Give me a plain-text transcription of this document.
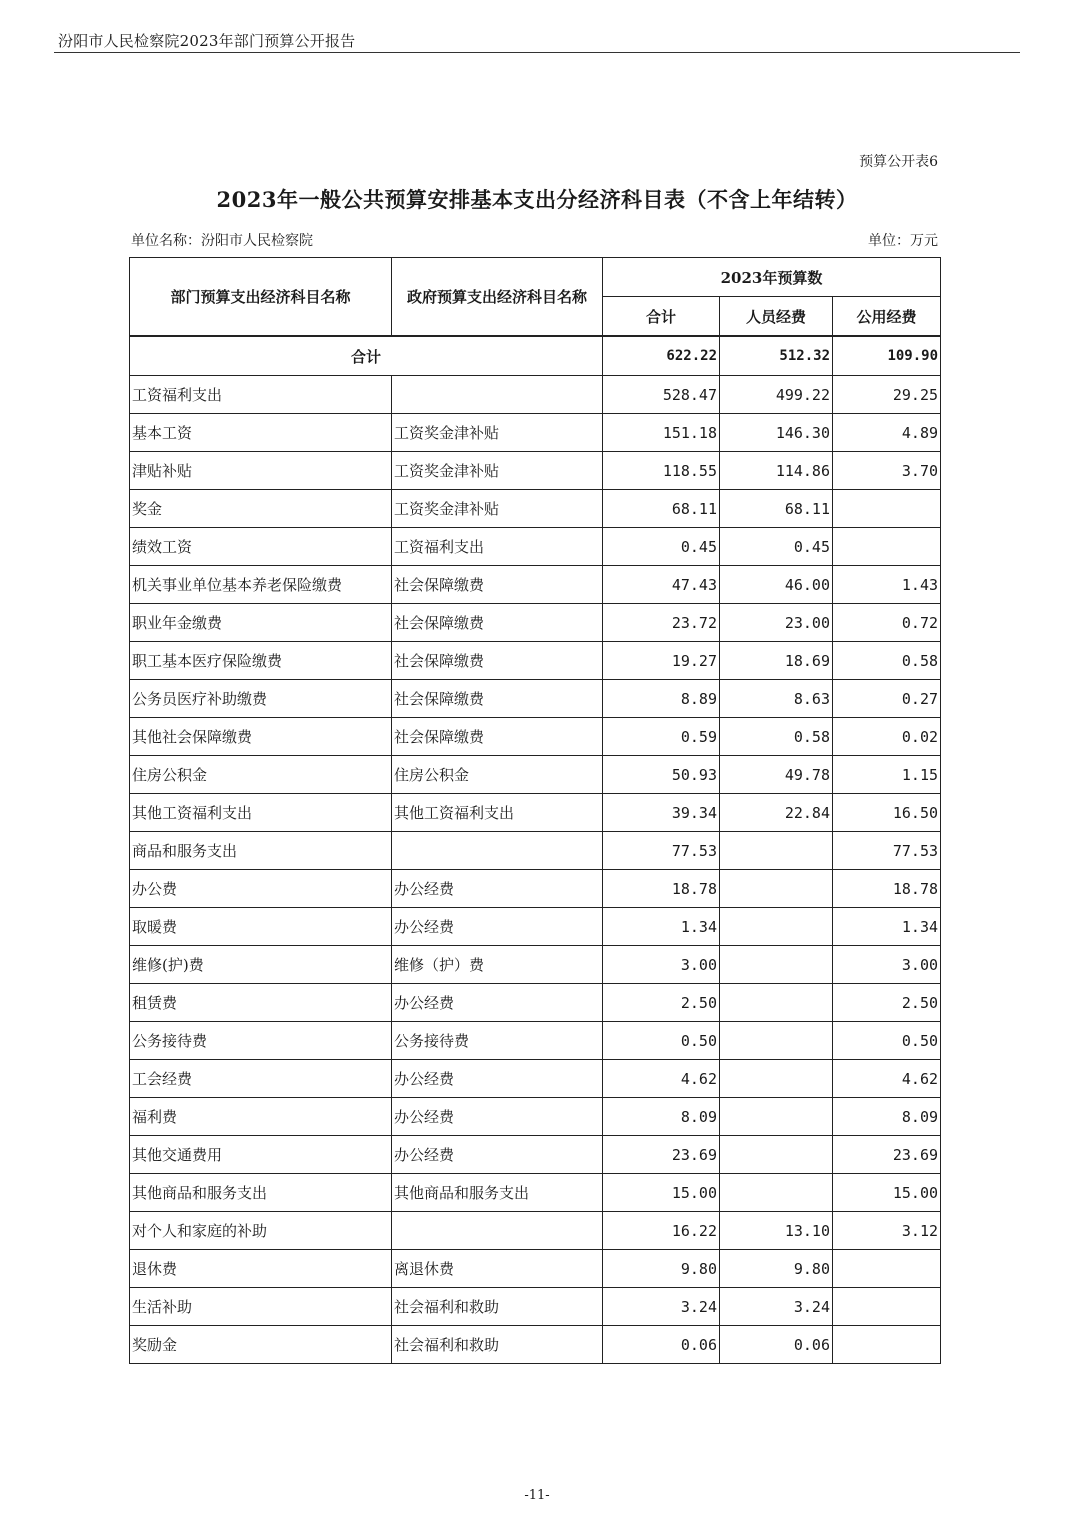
汾阳市人民检察院2023年部门预算公开报告
预算公开表6
2023年一般公共预算安排基本支出分经济科目表（不含上年结转）
单位名称：汾阳市人民检察院	单位：万元
部门预算支出经济科目名称	政府预算支出经济科目名称	2023年预算数		
		合计	人员经费	公用经费
合计		622.22	512.32	109.90
工资福利支出		528.47	499.22	29.25
基本工资	工资奖金津补贴	151.18	146.30	4.89
津贴补贴	工资奖金津补贴	118.55	114.86	3.70
奖金	工资奖金津补贴	68.11	68.11	
绩效工资	工资福利支出	0.45	0.45	
机关事业单位基本养老保险缴费	社会保障缴费	47.43	46.00	1.43
职业年金缴费	社会保障缴费	23.72	23.00	0.72
职工基本医疗保险缴费	社会保障缴费	19.27	18.69	0.58
公务员医疗补助缴费	社会保障缴费	8.89	8.63	0.27
其他社会保障缴费	社会保障缴费	0.59	0.58	0.02
住房公积金	住房公积金	50.93	49.78	1.15
其他工资福利支出	其他工资福利支出	39.34	22.84	16.50
商品和服务支出		77.53		77.53
办公费	办公经费	18.78		18.78
取暖费	办公经费	1.34		1.34
维修(护)费	维修（护）费	3.00		3.00
租赁费	办公经费	2.50		2.50
公务接待费	公务接待费	0.50		0.50
工会经费	办公经费	4.62		4.62
福利费	办公经费	8.09		8.09
其他交通费用	办公经费	23.69		23.69
其他商品和服务支出	其他商品和服务支出	15.00		15.00
对个人和家庭的补助		16.22	13.10	3.12
退休费	离退休费	9.80	9.80	
生活补助	社会福利和救助	3.24	3.24	
奖励金	社会福利和救助	0.06	0.06	
-11-
